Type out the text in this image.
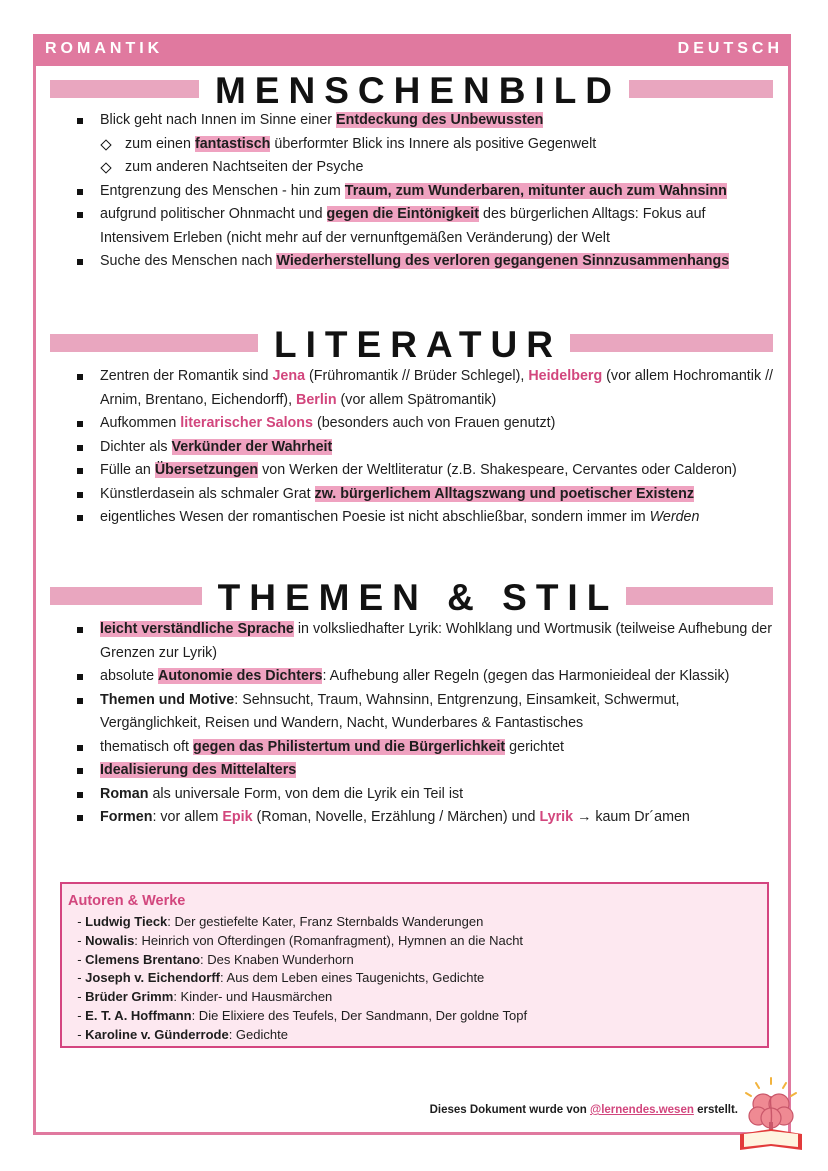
ROMANTIK	DEUTSCH
MENSCHENBILD
Blick geht nach Innen im Sinne einer Entdeckung des Unbewussten
zum einen fantastisch überformter Blick ins Innere als positive Gegenwelt
zum anderen Nachtseiten der Psyche
Entgrenzung des Menschen - hin zum Traum, zum Wunderbaren, mitunter auch zum Wahnsinn
aufgrund politischer Ohnmacht und gegen die Eintönigkeit des bürgerlichen Alltags: Fokus auf Intensivem Erleben (nicht mehr auf der vernunftgemäßen Veränderung) der Welt
Suche des Menschen nach Wiederherstellung des verloren gegangenen Sinnzusammenhangs
LITERATUR
Zentren der Romantik sind Jena (Frühromantik // Brüder Schlegel), Heidelberg (vor allem Hochromantik // Arnim, Brentano, Eichendorff), Berlin (vor allem Spätromantik)
Aufkommen literarischer Salons (besonders auch von Frauen genutzt)
Dichter als Verkünder der Wahrheit
Fülle an Übersetzungen von Werken der Weltliteratur (z.B. Shakespeare, Cervantes oder Calderon)
Künstlerdasein als schmaler Grat zw. bürgerlichem Alltagszwang und poetischer Existenz
eigentliches Wesen der romantischen Poesie ist nicht abschließbar, sondern immer im Werden
THEMEN & STIL
leicht verständliche Sprache in volksliedhafter Lyrik: Wohlklang und Wortmusik (teilweise Aufhebung der Grenzen zur Lyrik)
absolute Autonomie des Dichters: Aufhebung aller Regeln (gegen das Harmonieideal der Klassik)
Themen und Motive: Sehnsucht, Traum, Wahnsinn, Entgrenzung, Einsamkeit, Schwermut, Vergänglichkeit, Reisen und Wandern, Nacht, Wunderbares & Fantastisches
thematisch oft gegen das Philistertum und die Bürgerlichkeit gerichtet
Idealisierung des Mittelalters
Roman als universale Form, von dem die Lyrik ein Teil ist
Formen: vor allem Epik (Roman, Novelle, Erzählung / Märchen) und Lyrik → kaum Dr´amen
Autoren & Werke
- Ludwig Tieck: Der gestiefelte Kater, Franz Sternbalds Wanderungen
- Nowalis: Heinrich von Ofterdingen (Romanfragment), Hymnen an die Nacht
- Clemens Brentano: Des Knaben Wunderhorn
- Joseph v. Eichendorff: Aus dem Leben eines Taugenichts, Gedichte
- Brüder Grimm: Kinder- und Hausmärchen
- E. T. A. Hoffmann: Die Elixiere des Teufels, Der Sandmann, Der goldne Topf
- Karoline v. Günderrode: Gedichte
Dieses Dokument wurde von @lernendes.wesen erstellt.
